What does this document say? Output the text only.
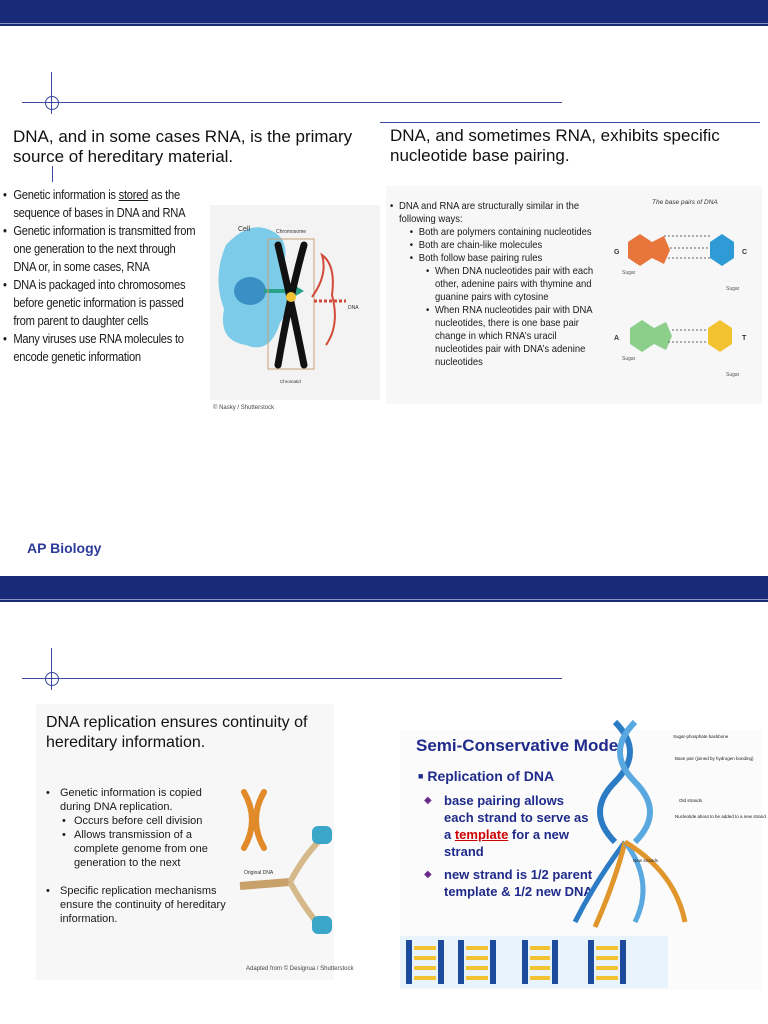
DNA, and in some cases RNA, is the primary
source of hereditary material.
• Genetic information is stored as the sequence of bases in DNA and RNA
• Genetic information is transmitted from one generation to the next through DNA or, in some cases, RNA
• DNA is packaged into chromosomes before genetic information is passed from parent to daughter cells
• Many viruses use RNA molecules to encode genetic information
Cell	Chromosome
DNA
Chromatid
© Nasky / Shutterstock
DNA, and sometimes RNA, exhibits specific
nucleotide base pairing.
• DNA and RNA are structurally similar in the following ways:
• Both are polymers containing nucleotides
• Both are chain-like molecules
• Both follow base pairing rules
• When DNA nucleotides pair with each other, adenine pairs with thymine and guanine pairs with cytosine
• When RNA nucleotides pair with DNA nucleotides, there is one base pair change in which RNA’s uracil nucleotides pair with DNA’s adenine nucleotides
The base pairs of DNA
G	C
Sugar
Sugar
A	T
Sugar
Sugar
AP Biology
DNA replication ensures continuity of
hereditary information.
• Genetic information is copied during DNA replication.
• Occurs before cell division
• Allows transmission of a complete genome from one generation to the next
• Specific replication mechanisms ensure the continuity of hereditary information.
Original DNA
Adapted from © Designua / Shutterstock
Semi-Conservative Model
■ Replication of DNA
◆ base pairing allows each strand to serve as a template for a new strand
◆ new strand is 1/2 parent template & 1/2 new DNA
Sugar-phosphate backbone
Base pair (joined by hydrogen bonding)
Old strands
Nucleotide about to be added to a new strand
New strands
